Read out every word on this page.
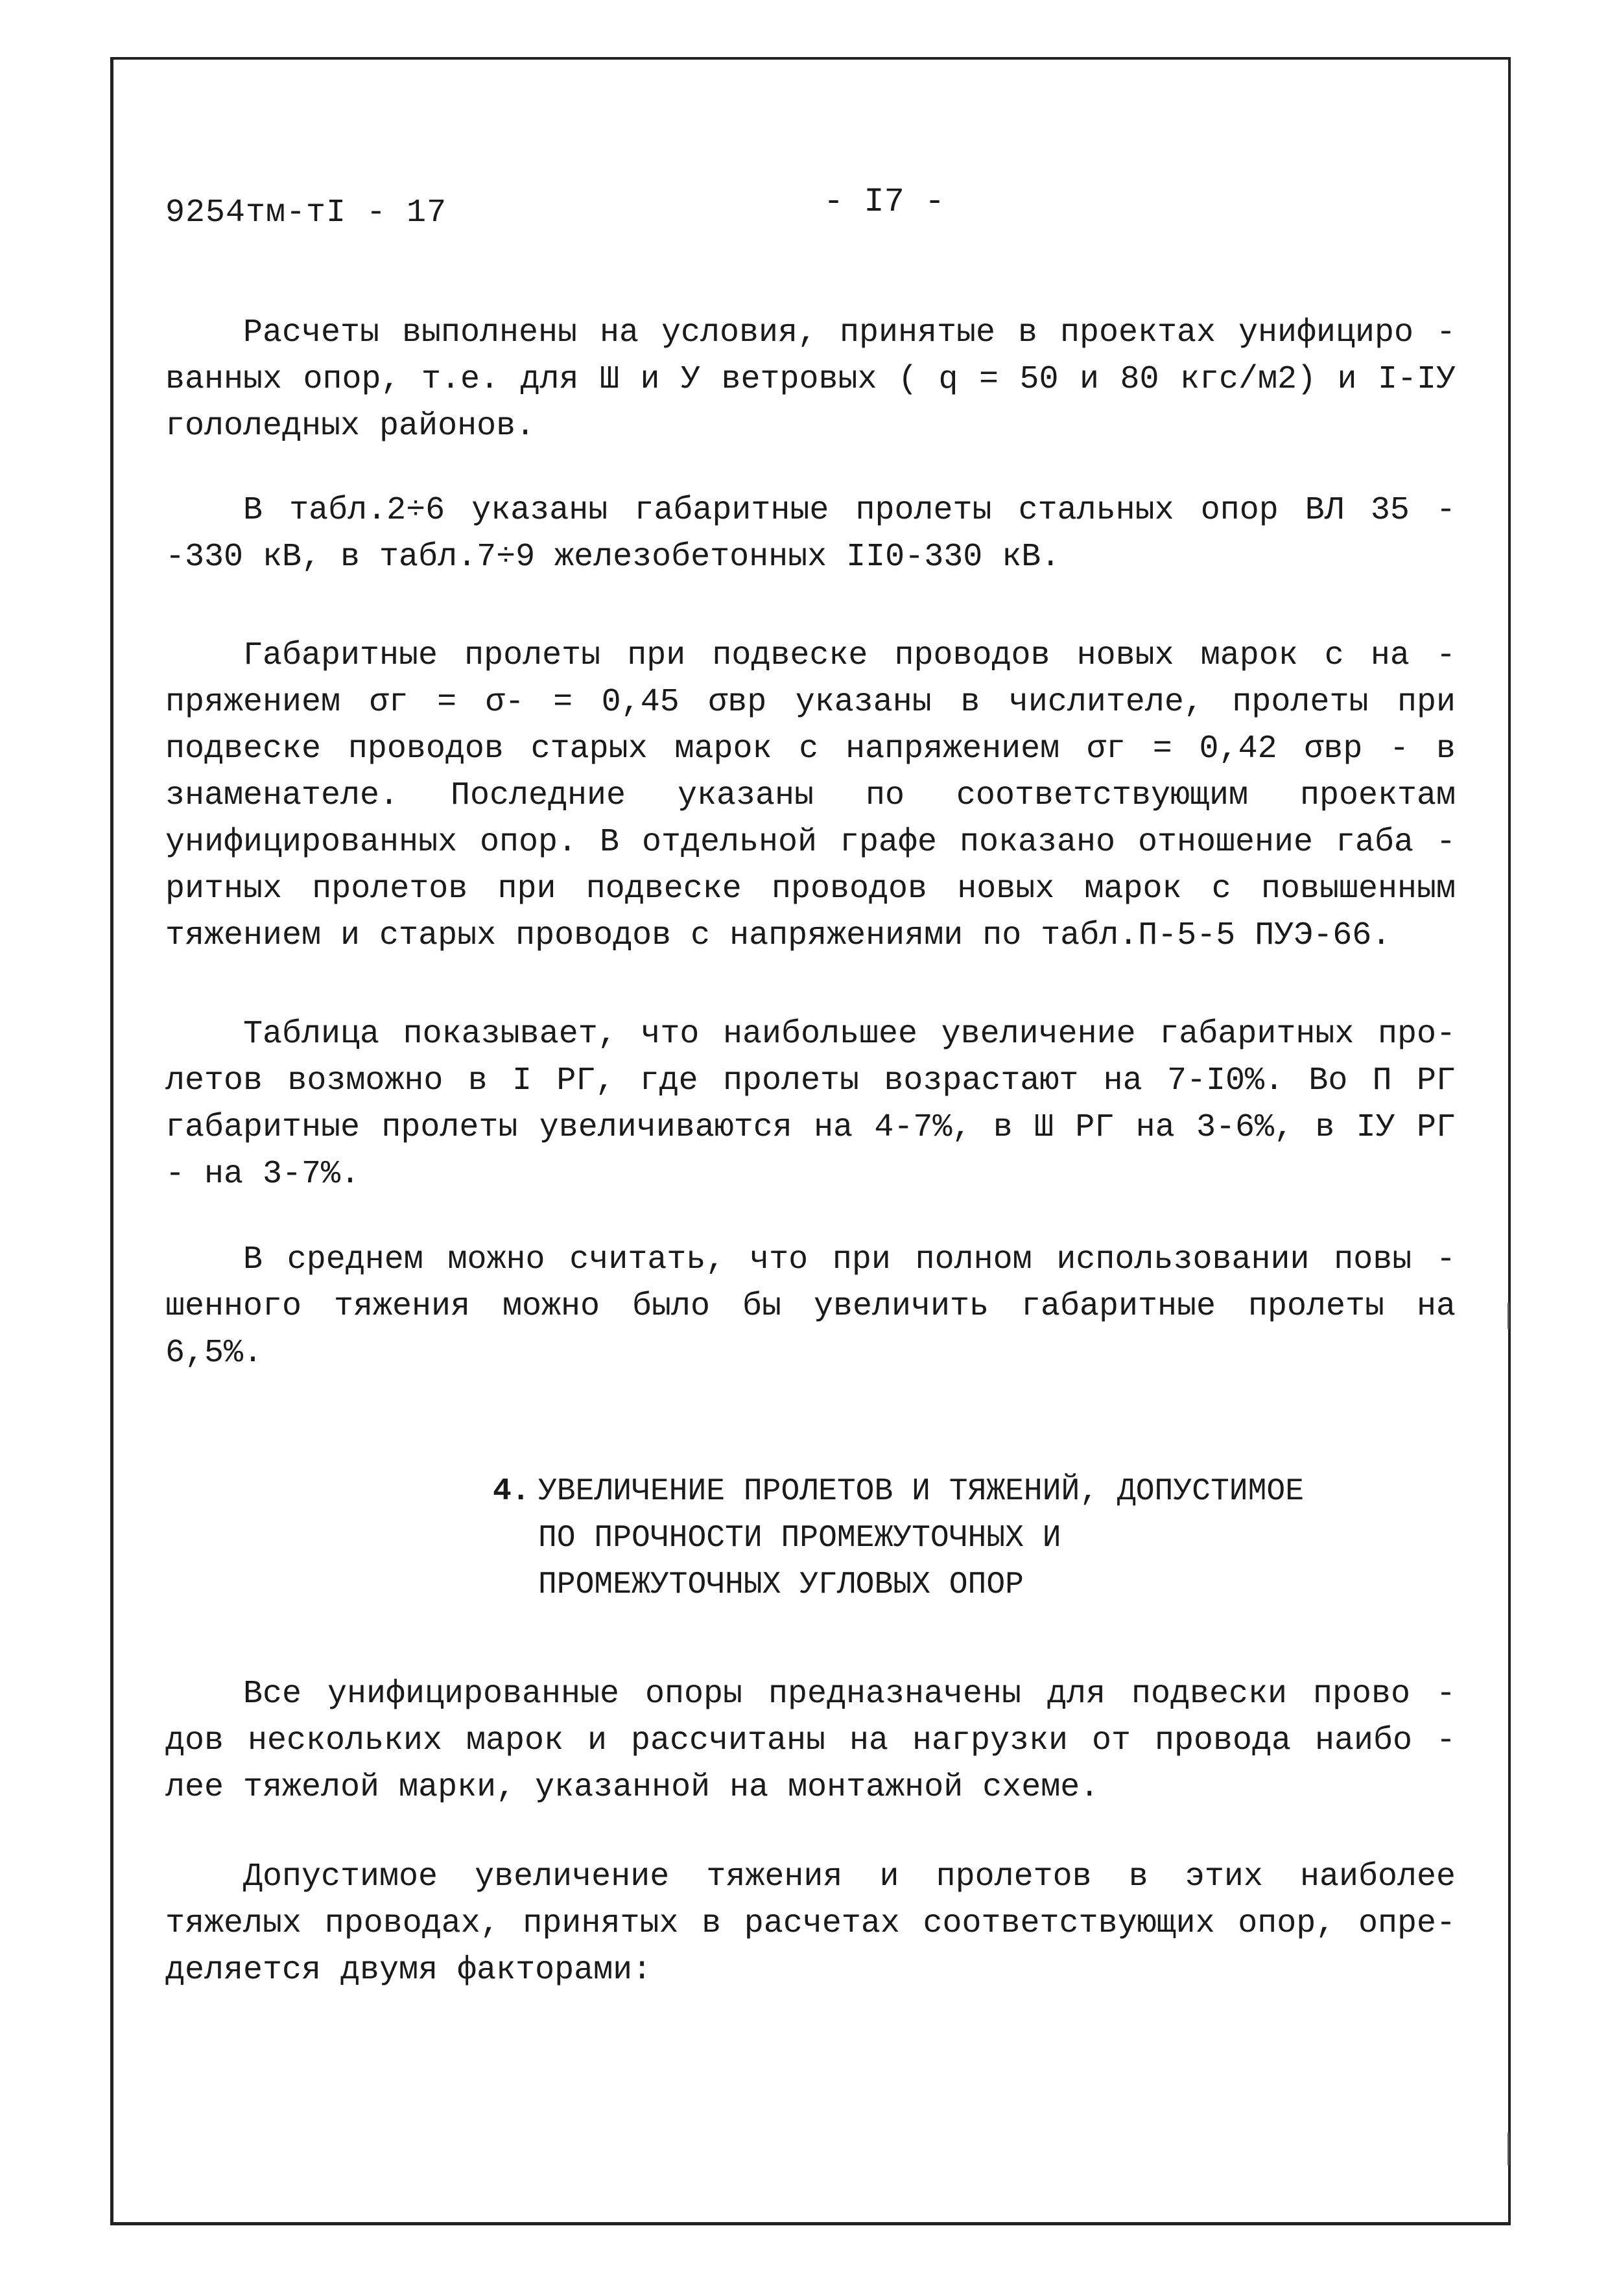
9254тм-тI - 17	- I7 -

Расчеты выполнены на условия, принятые в проектах унифициро - ванных опор, т.е. для Ш и У ветровых ( q = 50 и 80 кгс/м2) и I-IУ гололедных районов.

В табл.2÷6 указаны габаритные пролеты стальных опор ВЛ 35 - -330 кВ, в табл.7÷9 железобетонных II0-330 кВ.

Габаритные пролеты при подвеске проводов новых марок с на - пряжением σг = σ- = 0,45 σвр указаны в числителе, пролеты при подвеске проводов старых марок с напряжением σг = 0,42 σвр - в знаменателе. Последние указаны по соответствующим проектам унифицированных опор. В отдельной графе показано отношение габа - ритных пролетов при подвеске проводов новых марок с повышенным тяжением и старых проводов с напряжениями по табл.П-5-5 ПУЭ-66.

Таблица показывает, что наибольшее увеличение габаритных про- летов возможно в I РГ, где пролеты возрастают на 7-I0%. Во П РГ габаритные пролеты увеличиваются на 4-7%, в Ш РГ на 3-6%, в IУ РГ - на 3-7%.

В среднем можно считать, что при полном использовании повы - шенного тяжения можно было бы увеличить габаритные пролеты на 6,5%.

4. УВЕЛИЧЕНИЕ ПРОЛЕТОВ И ТЯЖЕНИЙ, ДОПУСТИМОЕ
ПО ПРОЧНОСТИ ПРОМЕЖУТОЧНЫХ И
ПРОМЕЖУТОЧНЫХ УГЛОВЫХ ОПОР

Все унифицированные опоры предназначены для подвески прово - дов нескольких марок и рассчитаны на нагрузки от провода наибо - лее тяжелой марки, указанной на монтажной схеме.

Допустимое увеличение тяжения и пролетов в этих наиболее тяжелых проводах, принятых в расчетах соответствующих опор, опре- деляется двумя факторами:
